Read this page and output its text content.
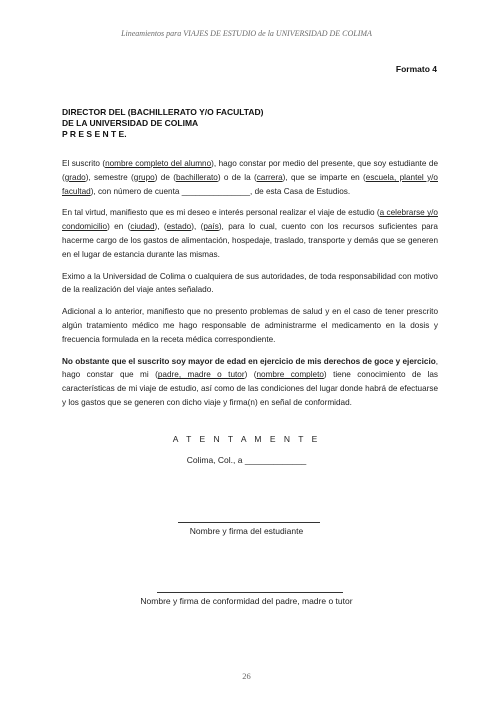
Lineamientos para VIAJES DE ESTUDIO de la UNIVERSIDAD DE COLIMA
Formato 4
DIRECTOR DEL (BACHILLERATO Y/O FACULTAD)
DE LA UNIVERSIDAD DE COLIMA
P R E S E N T E.

El suscrito (nombre completo del alumno), hago constar por medio del presente, que soy estudiante de (grado), semestre (grupo) de (bachillerato) o de la (carrera), que se imparte en (escuela, plantel y/o facultad), con número de cuenta _______________, de esta Casa de Estudios.

En tal virtud, manifiesto que es mi deseo e interés personal realizar el viaje de estudio (a celebrarse y/o condomicilio) en (ciudad), (estado), (país), para lo cual, cuento con los recursos suficientes para hacerme cargo de los gastos de alimentación, hospedaje, traslado, transporte y demás que se generen en el lugar de estancia durante las mismas.

Eximo a la Universidad de Colima o cualquiera de sus autoridades, de toda responsabilidad con motivo de la realización del viaje antes señalado.

Adicional a lo anterior, manifiesto que no presento problemas de salud y en el caso de tener prescrito algún tratamiento médico me hago responsable de administrarme el medicamento en la dosis y frecuencia formulada en la receta médica correspondiente.

No obstante que el suscrito soy mayor de edad en ejercicio de mis derechos de goce y ejercicio, hago constar que mi (padre, madre o tutor) (nombre completo) tiene conocimiento de las características de mi viaje de estudio, así como de las condiciones del lugar donde habrá de efectuarse y los gastos que se generen con dicho viaje y firma(n) en señal de conformidad.

A T E N T A M E N T E
Colima, Col., a _____________
Nombre y firma del estudiante
Nombre y firma de conformidad del padre, madre o tutor
26
